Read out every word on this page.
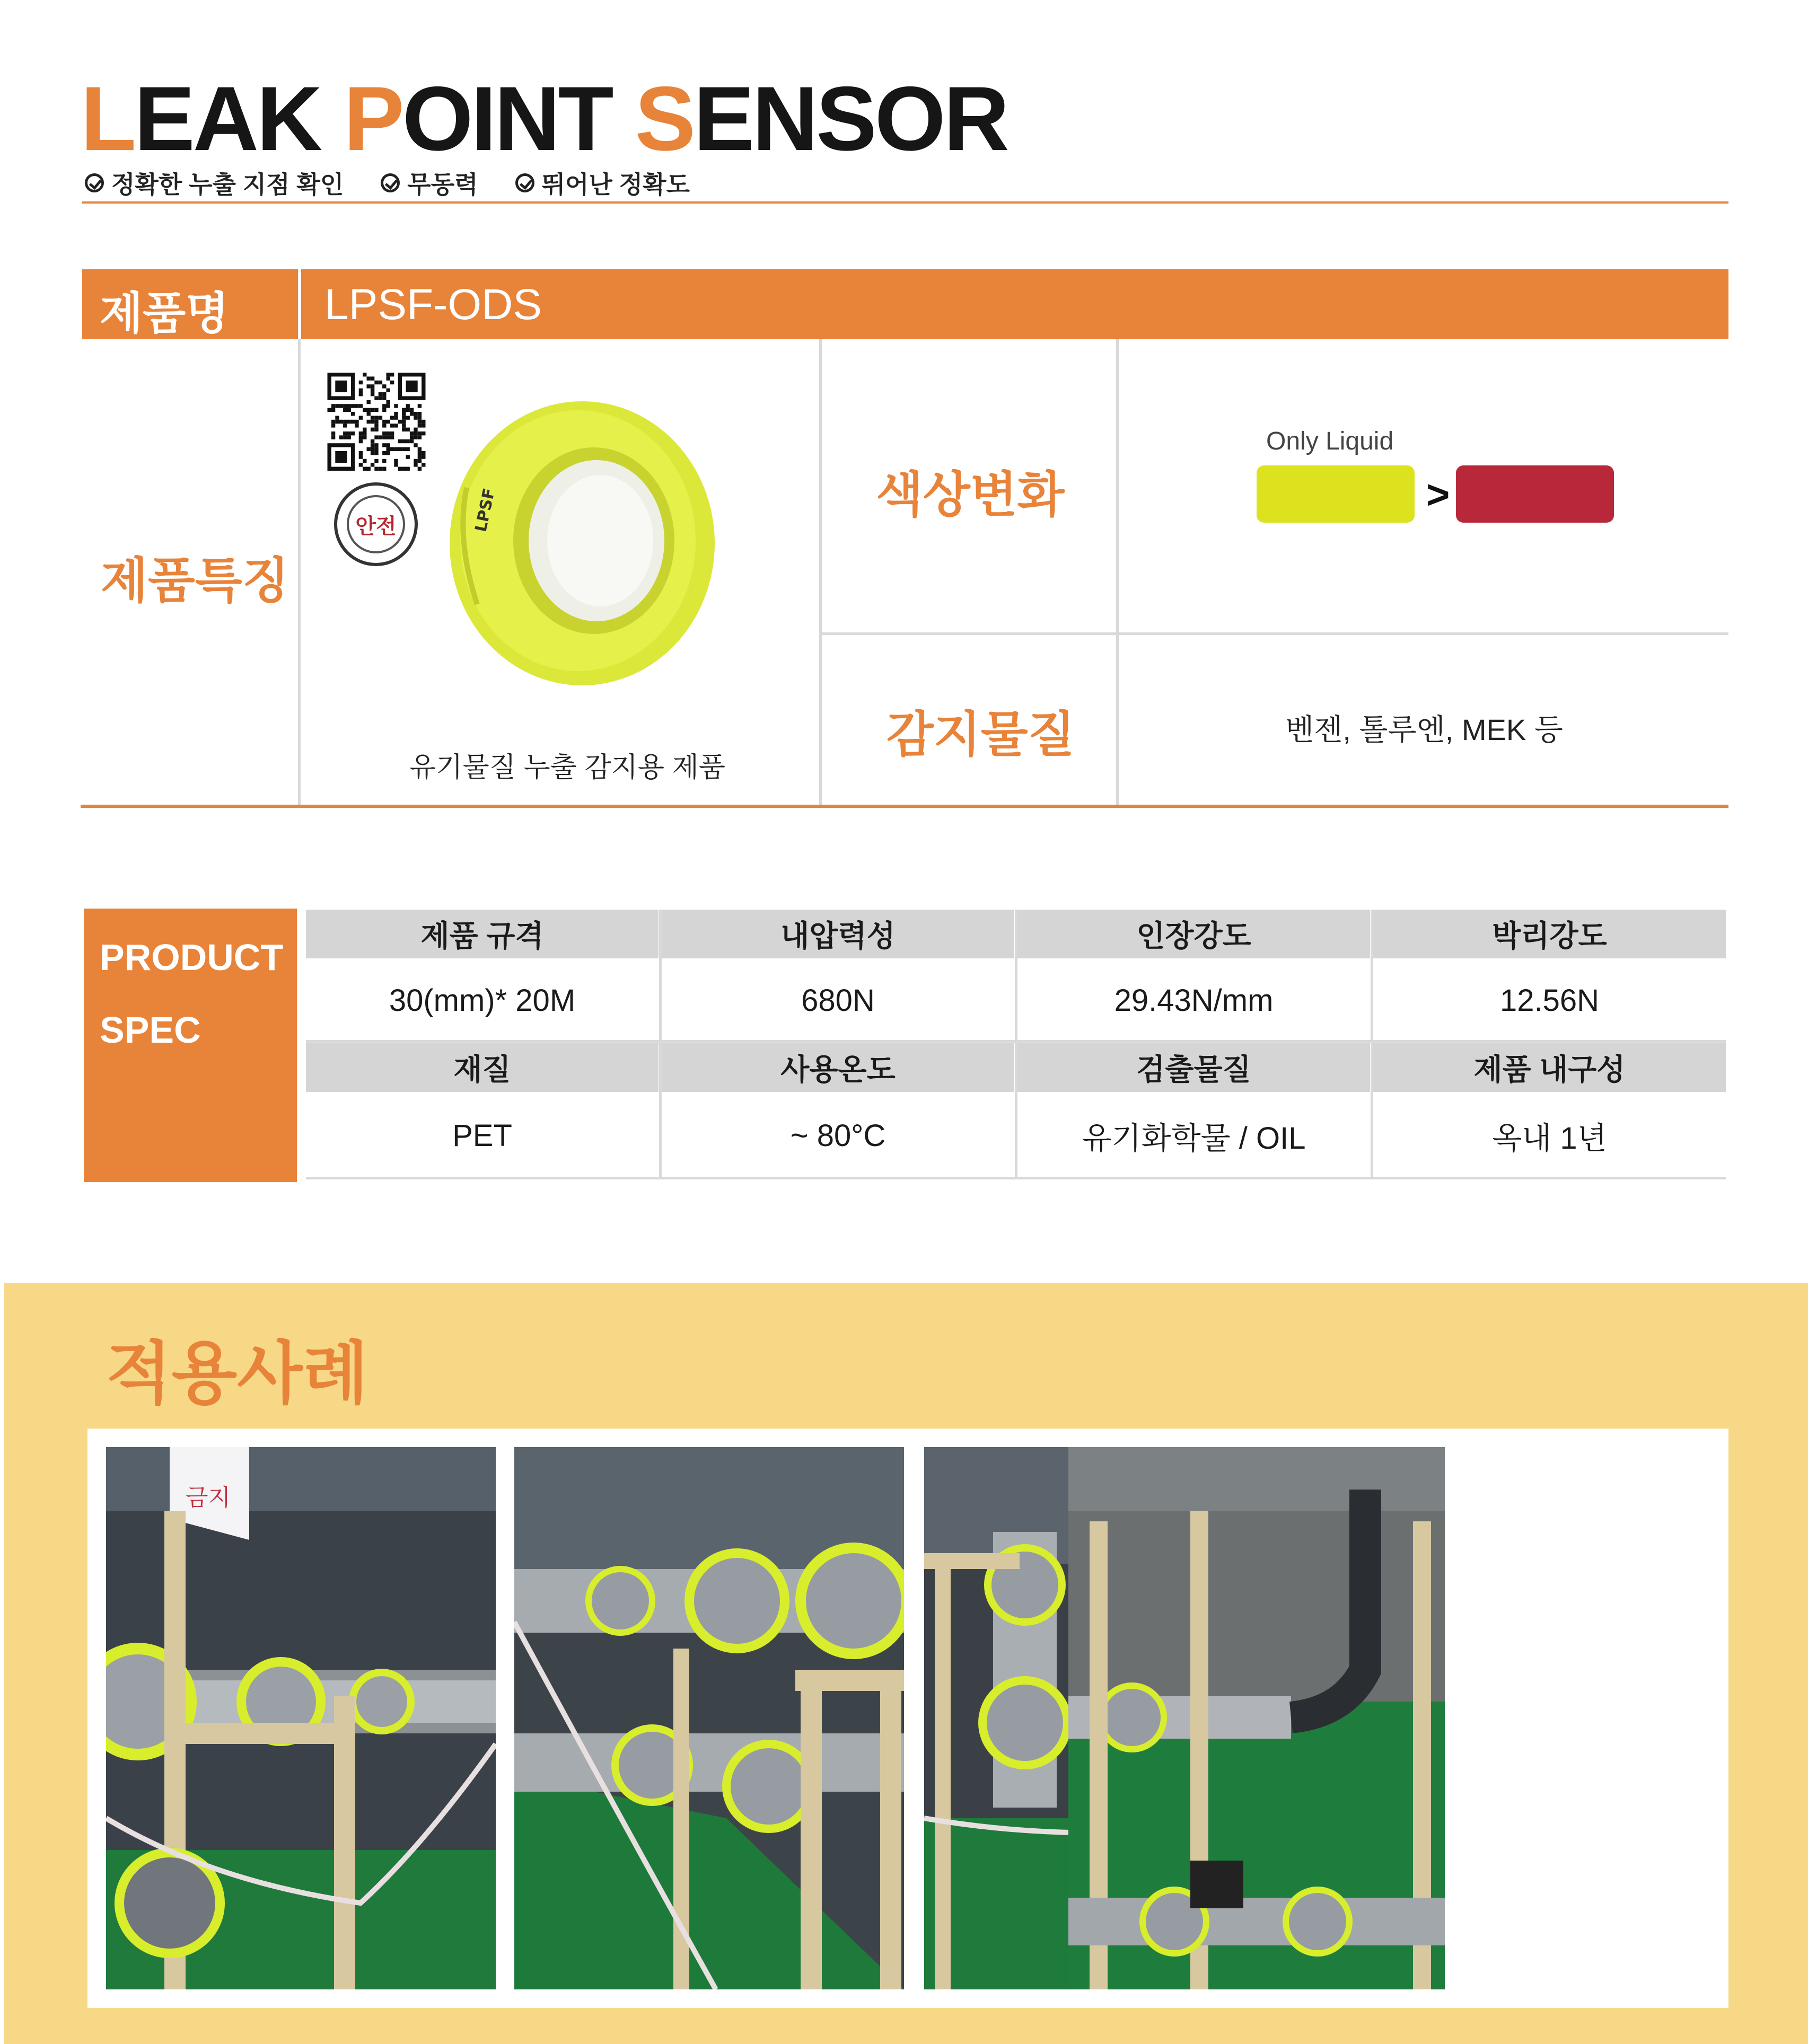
LEAK POINT SENSOR
정확한 누출 지점 확인	무동력	뛰어난 정확도
제품명 LPSF-ODS
제품특징
안전	LPSF
유기물질 누출 감지용 제품
색상변화
Only Liquid
>
감지물질	벤젠, 톨루엔, MEK 등
PRODUCT
SPEC
제품 규격	내압력성	인장강도	박리강도
30(mm)* 20M	680N	29.43N/mm	12.56N
재질	사용온도	검출물질	제품 내구성
PET	~ 80°C	유기화학물 / OIL	옥내 1년
적용사례
금지
